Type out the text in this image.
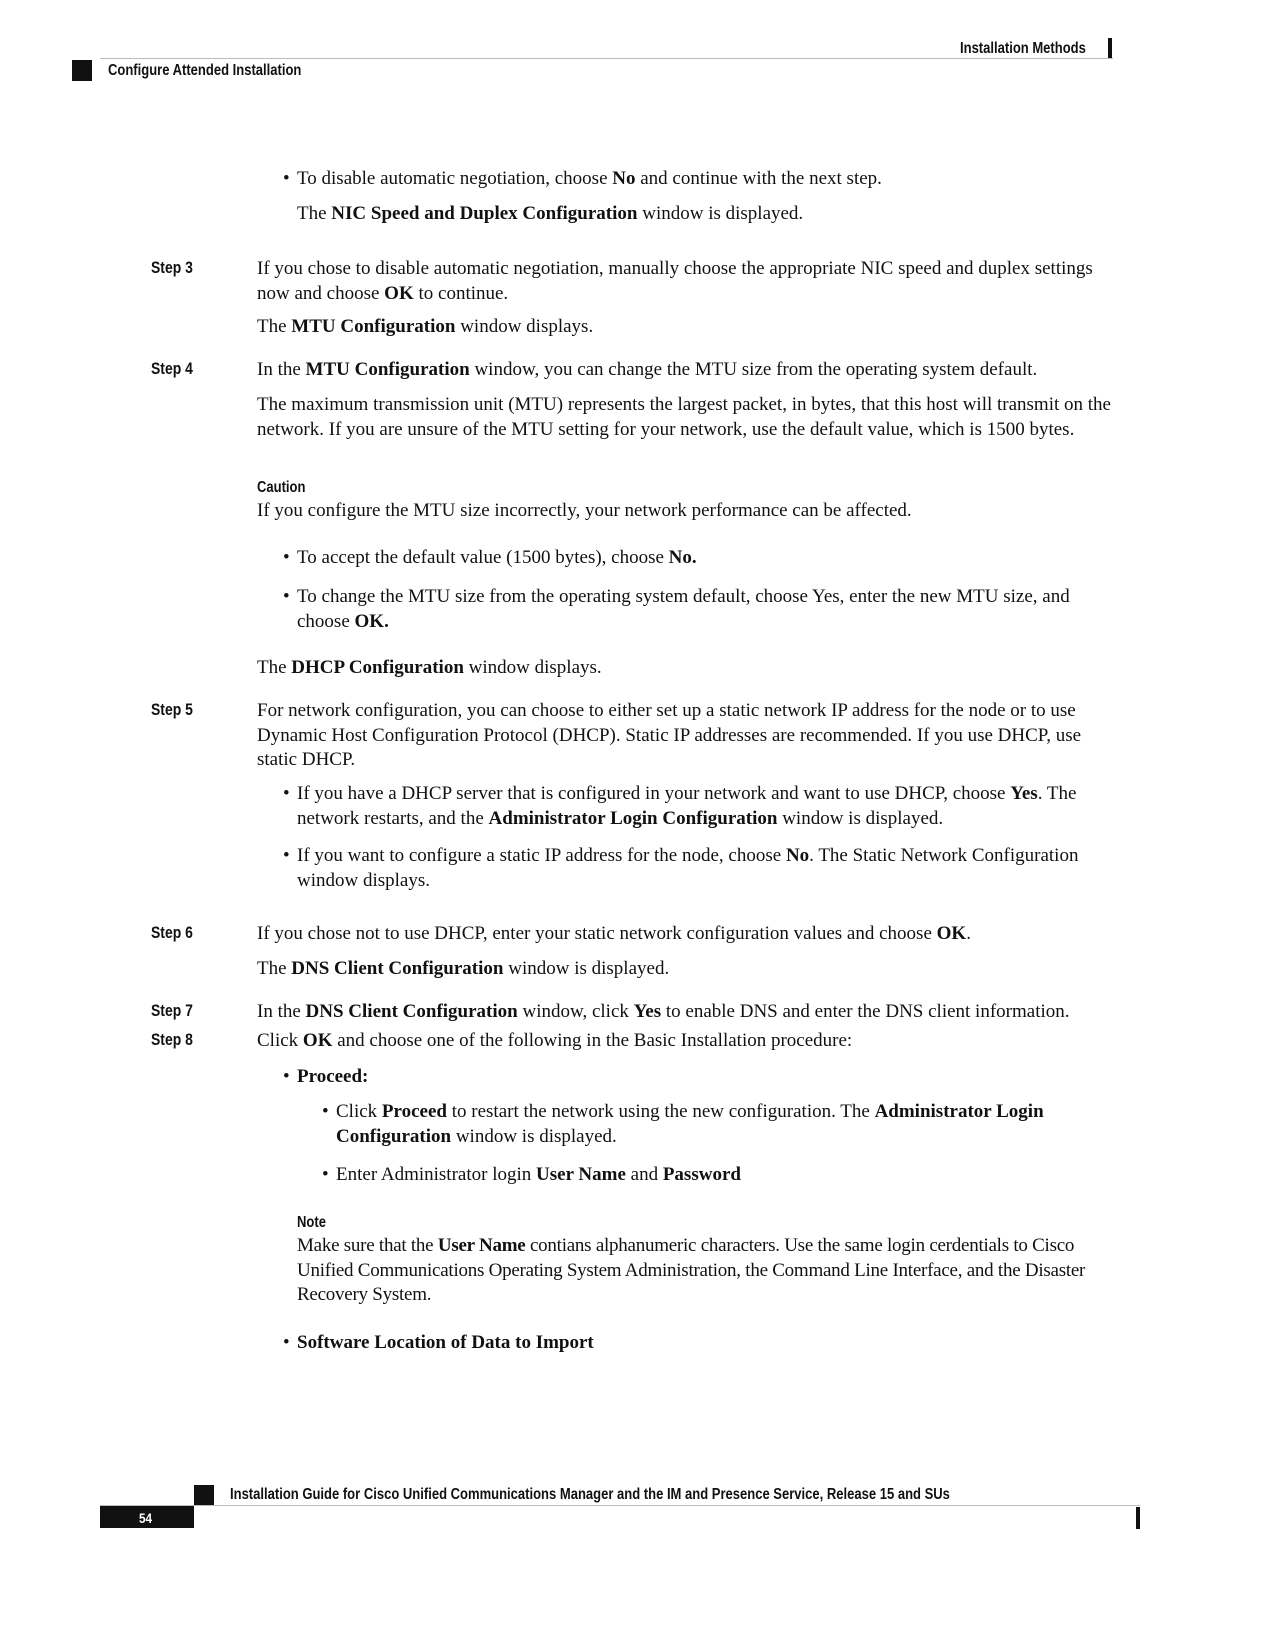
Installation Methods
Configure Attended Installation
• To disable automatic negotiation, choose No and continue with the next step.

The NIC Speed and Duplex Configuration window is displayed.

Step 3	If you chose to disable automatic negotiation, manually choose the appropriate NIC speed and duplex settings now and choose OK to continue.

The MTU Configuration window displays.

Step 4	In the MTU Configuration window, you can change the MTU size from the operating system default.

The maximum transmission unit (MTU) represents the largest packet, in bytes, that this host will transmit on the network. If you are unsure of the MTU setting for your network, use the default value, which is 1500 bytes.

Caution

If you configure the MTU size incorrectly, your network performance can be affected.

• To accept the default value (1500 bytes), choose No.

• To change the MTU size from the operating system default, choose Yes, enter the new MTU size, and choose OK.

The DHCP Configuration window displays.

Step 5	For network configuration, you can choose to either set up a static network IP address for the node or to use Dynamic Host Configuration Protocol (DHCP). Static IP addresses are recommended. If you use DHCP, use static DHCP.

• If you have a DHCP server that is configured in your network and want to use DHCP, choose Yes. The network restarts, and the Administrator Login Configuration window is displayed.

• If you want to configure a static IP address for the node, choose No. The Static Network Configuration window displays.

Step 6	If you chose not to use DHCP, enter your static network configuration values and choose OK.

The DNS Client Configuration window is displayed.

Step 7	In the DNS Client Configuration window, click Yes to enable DNS and enter the DNS client information.

Step 8	Click OK and choose one of the following in the Basic Installation procedure:

• Proceed:

• Click Proceed to restart the network using the new configuration. The Administrator Login Configuration window is displayed.

• Enter Administrator login User Name and Password

Note

Make sure that the User Name contians alphanumeric characters. Use the same login cerdentials to Cisco Unified Communications Operating System Administration, the Command Line Interface, and the Disaster Recovery System.

• Software Location of Data to Import

Installation Guide for Cisco Unified Communications Manager and the IM and Presence Service, Release 15 and SUs
54
